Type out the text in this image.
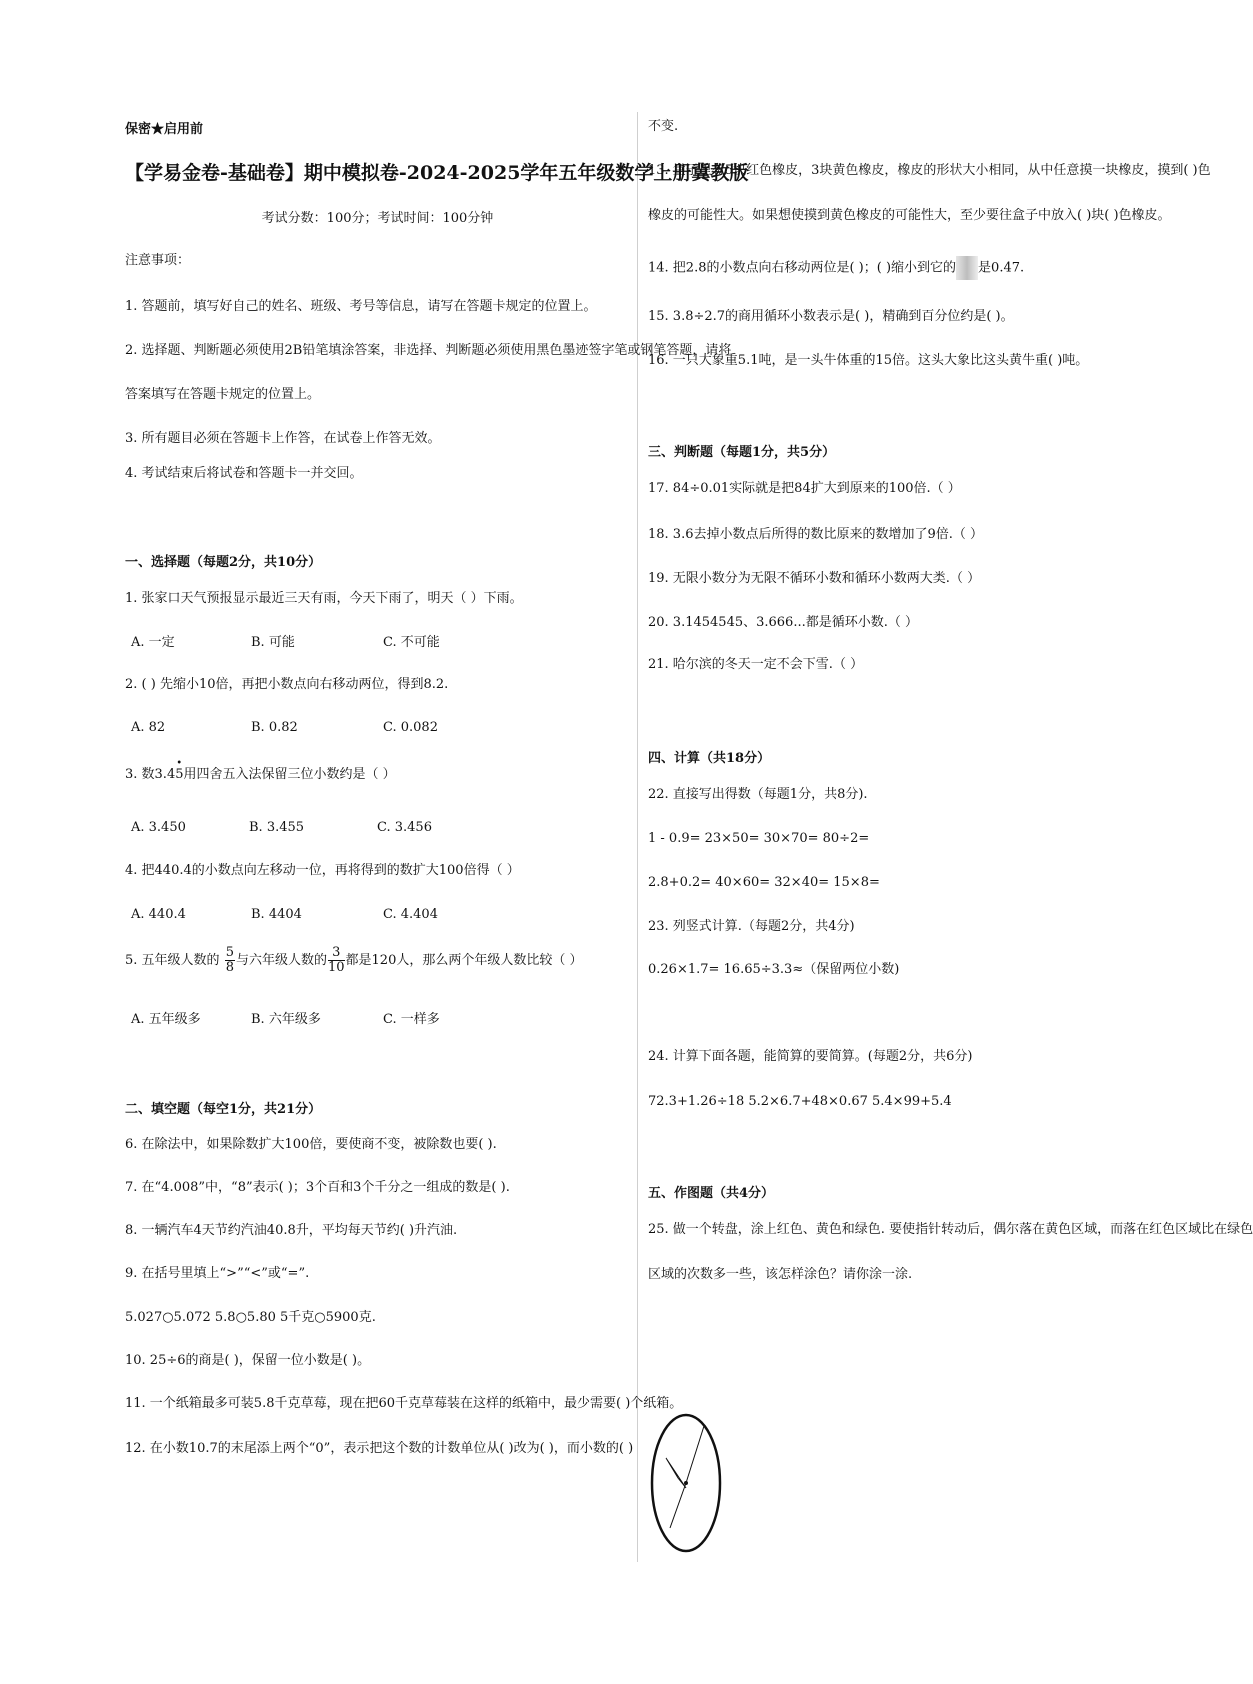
保密★启用前
【学易金卷-基础卷】期中模拟卷-2024-2025学年五年级数学上册冀教版
考试分数：100分；考试时间：100分钟
注意事项：
1. 答题前，填写好自己的姓名、班级、考号等信息，请写在答题卡规定的位置上。
2. 选择题、判断题必须使用2B铅笔填涂答案，非选择、判断题必须使用黑色墨迹签字笔或钢笔答题，请将
答案填写在答题卡规定的位置上。
3. 所有题目必须在答题卡上作答，在试卷上作答无效。
4. 考试结束后将试卷和答题卡一并交回。
一、选择题（每题2分，共10分）
1. 张家口天气预报显示最近三天有雨，今天下雨了，明天（ ）下雨。
A. 一定	B. 可能	C. 不可能
2. ( ) 先缩小10倍，再把小数点向右移动两位，得到8.2.
A. 82	B. 0.82	C. 0.082
3. 数3.4• 5用四舍五入法保留三位小数约是（ ）
A. 3.450	B. 3.455	C. 3.456
4. 把440.4的小数点向左移动一位，再将得到的数扩大100倍得（ ）
A. 440.4	B. 4404	C. 4.404
5. 五年级人数的 $\frac{5}{8}$ 与六年级人数的 $\frac{3}{10}$ 都是120人，那么两个年级人数比较（ ）
A. 五年级多	B. 六年级多	C. 一样多
二、填空题（每空1分，共21分）
6. 在除法中，如果除数扩大100倍，要使商不变，被除数也要( ).
7. 在“4.008”中，“8”表示( )；3个百和3个千分之一组成的数是( ).
8. 一辆汽车4天节约汽油40.8升，平均每天节约( )升汽油.
9. 在括号里填上“>”“<”或“=”.
5.027○5.072 5.8○5.80 5千克○5900克.
10. 25÷6的商是( )，保留一位小数是( )。
11. 一个纸箱最多可装5.8千克草莓，现在把60千克草莓装在这样的纸箱中，最少需要( )个纸箱。
12. 在小数10.7的末尾添上两个“0”，表示把这个数的计数单位从( )改为( )，而小数的( )
不变.
13. 盒子里有5块红色橡皮，3块黄色橡皮，橡皮的形状大小相同，从中任意摸一块橡皮，摸到( )色
橡皮的可能性大。如果想使摸到黄色橡皮的可能性大，至少要往盒子中放入( )块( )色橡皮。
14. 把2.8的小数点向右移动两位是( )；( )缩小到它的 是0.47.
15. 3.8÷2.7的商用循环小数表示是( )，精确到百分位约是( )。
16. 一只大象重5.1吨，是一头牛体重的15倍。这头大象比这头黄牛重( )吨。
三、判断题（每题1分，共5分）
17. 84÷0.01实际就是把84扩大到原来的100倍.（ ）
18. 3.6去掉小数点后所得的数比原来的数增加了9倍.（ ）
19. 无限小数分为无限不循环小数和循环小数两大类.（ ）
20. 3.1454545、3.666...都是循环小数.（ ）
21. 哈尔滨的冬天一定不会下雪.（ ）
四、计算（共18分）
22. 直接写出得数（每题1分，共8分).
1 - 0.9= 23×50= 30×70= 80÷2=
2.8+0.2= 40×60= 32×40= 15×8=
23. 列竖式计算.（每题2分，共4分)
0.26×1.7= 16.65÷3.3≈（保留两位小数)
24. 计算下面各题，能简算的要简算。(每题2分，共6分)
72.3+1.26÷18 5.2×6.7+48×0.67 5.4×99+5.4
五、作图题（共4分）
25. 做一个转盘，涂上红色、黄色和绿色. 要使指针转动后，偶尔落在黄色区域，而落在红色区域比在绿色
区域的次数多一些，该怎样涂色？请你涂一涂.
